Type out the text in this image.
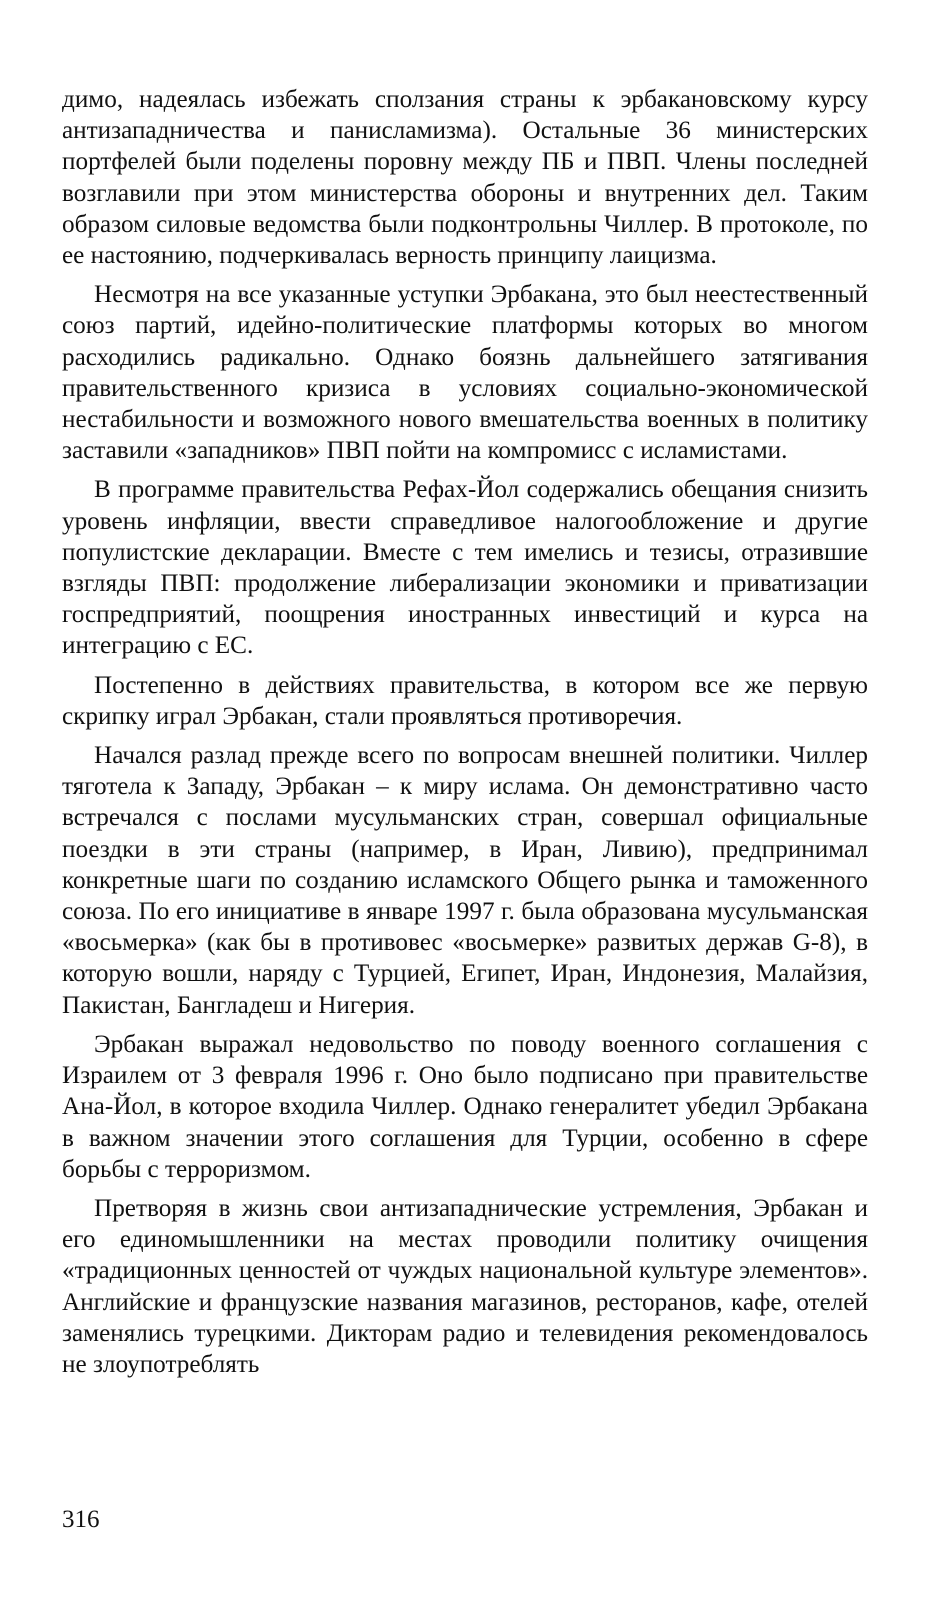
димо, надеялась избежать сползания страны к эрбакановскому курсу антизападничества и панисламизма). Остальные 36 министерских портфелей были поделены поровну между ПБ и ПВП. Члены последней возглавили при этом министерства обороны и внутренних дел. Таким образом силовые ведомства были подконтрольны Чиллер. В протоколе, по ее настоянию, подчеркивалась верность принципу лаицизма.

Несмотря на все указанные уступки Эрбакана, это был неестественный союз партий, идейно-политические платформы которых во многом расходились радикально. Однако боязнь дальнейшего затягивания правительственного кризиса в условиях социально-экономической нестабильности и возможного нового вмешательства военных в политику заставили «западников» ПВП пойти на компромисс с исламистами.

В программе правительства Рефах-Йол содержались обещания снизить уровень инфляции, ввести справедливое налогообложение и другие популистские декларации. Вместе с тем имелись и тезисы, отразившие взгляды ПВП: продолжение либерализации экономики и приватизации госпредприятий, поощрения иностранных инвестиций и курса на интеграцию с ЕС.

Постепенно в действиях правительства, в котором все же первую скрипку играл Эрбакан, стали проявляться противоречия.

Начался разлад прежде всего по вопросам внешней политики. Чиллер тяготела к Западу, Эрбакан – к миру ислама. Он демонстративно часто встречался с послами мусульманских стран, совершал официальные поездки в эти страны (например, в Иран, Ливию), предпринимал конкретные шаги по созданию исламского Общего рынка и таможенного союза. По его инициативе в январе 1997 г. была образована мусульманская «восьмерка» (как бы в противовес «восьмерке» развитых держав G-8), в которую вошли, наряду с Турцией, Египет, Иран, Индонезия, Малайзия, Пакистан, Бангладеш и Нигерия.

Эрбакан выражал недовольство по поводу военного соглашения с Израилем от 3 февраля 1996 г. Оно было подписано при правительстве Ана-Йол, в которое входила Чиллер. Однако генералитет убедил Эрбакана в важном значении этого соглашения для Турции, особенно в сфере борьбы с терроризмом.

Претворяя в жизнь свои антизападнические устремления, Эрбакан и его единомышленники на местах проводили политику очищения «традиционных ценностей от чуждых национальной культуре элементов». Английские и французские названия магазинов, ресторанов, кафе, отелей заменялись турецкими. Дикторам радио и телевидения рекомендовалось не злоупотреблять

316
